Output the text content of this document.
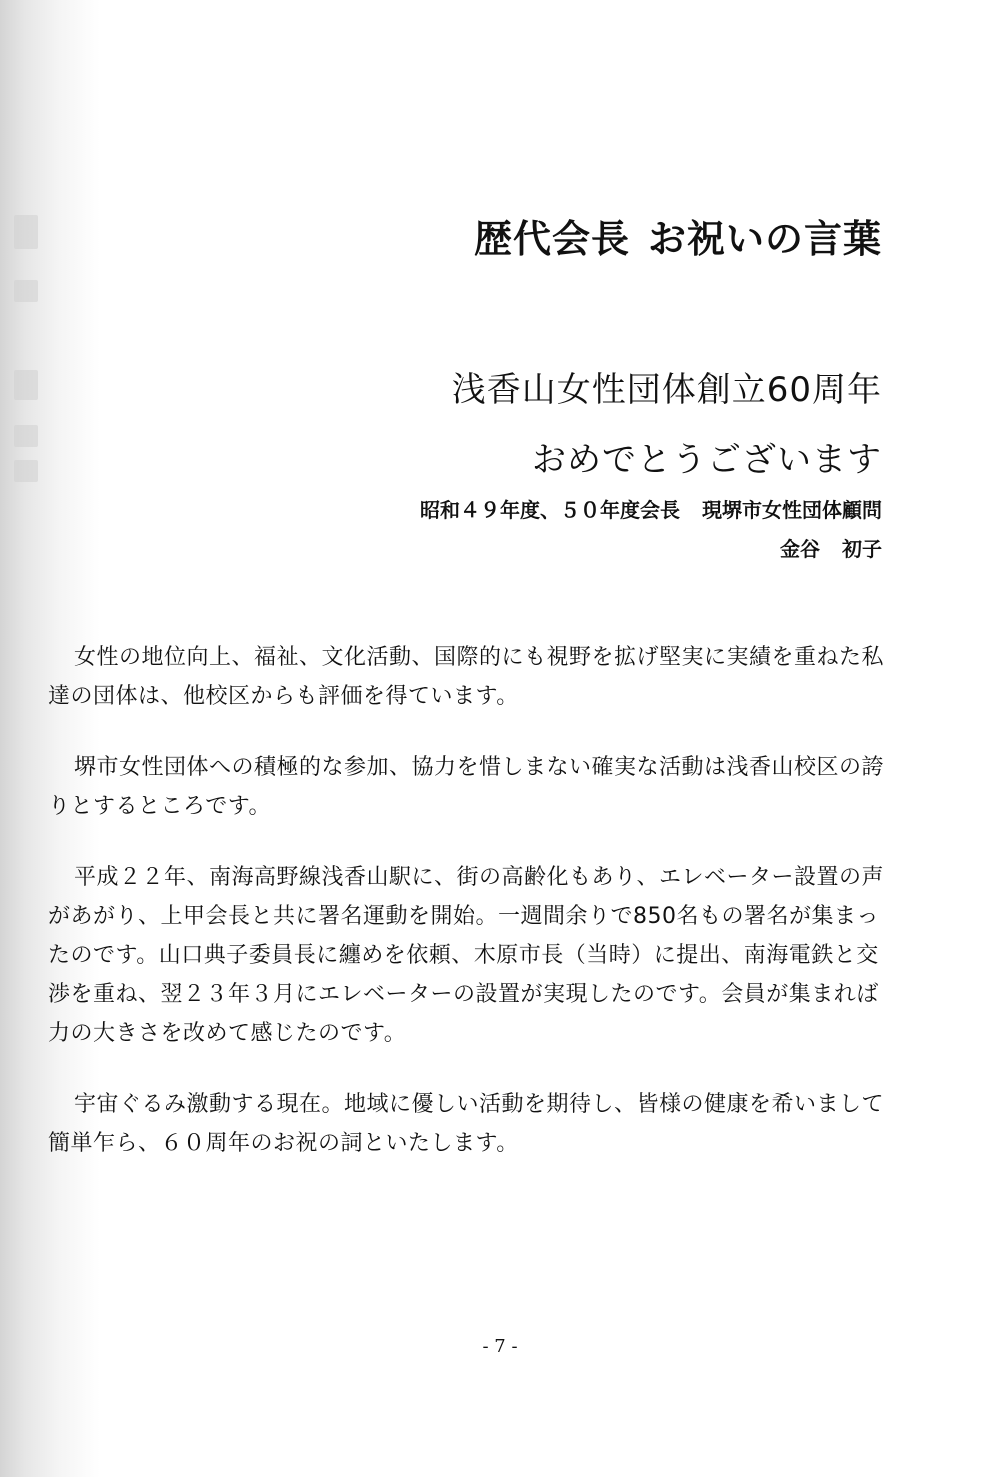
歴代会長 お祝いの言葉

浅香山女性団体創立60周年

おめでとうございます

昭和４９年度、５０年度会長 現堺市女性団体顧問
金谷 初子

女性の地位向上、福祉、文化活動、国際的にも視野を拡げ堅実に実績を重ねた私達の団体は、他校区からも評価を得ています。

堺市女性団体への積極的な参加、協力を惜しまない確実な活動は浅香山校区の誇りとするところです。

平成２２年、南海高野線浅香山駅に、街の高齢化もあり、エレベーター設置の声があがり、上甲会長と共に署名運動を開始。一週間余りで850名もの署名が集まったのです。山口典子委員長に纏めを依頼、木原市長（当時）に提出、南海電鉄と交渉を重ね、翌２３年３月にエレベーターの設置が実現したのです。会員が集まれば力の大きさを改めて感じたのです。

宇宙ぐるみ激動する現在。地域に優しい活動を期待し、皆様の健康を希いまして簡単乍ら、６０周年のお祝の詞といたします。

- 7 -
